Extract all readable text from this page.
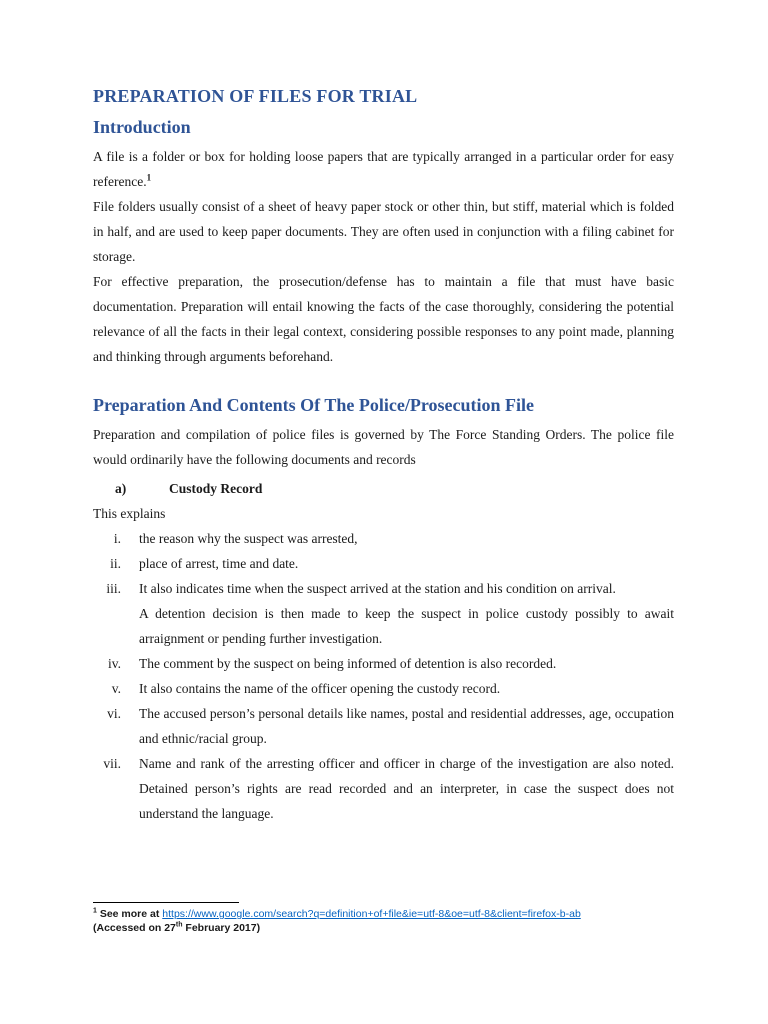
PREPARATION OF FILES FOR TRIAL
Introduction

A file is a folder or box for holding loose papers that are typically arranged in a particular order for easy reference.$^1$

File folders usually consist of a sheet of heavy paper stock or other thin, but stiff, material which is folded in half, and are used to keep paper documents. They are often used in conjunction with a filing cabinet for storage.

For effective preparation, the prosecution/defense has to maintain a file that must have basic documentation. Preparation will entail knowing the facts of the case thoroughly, considering the potential relevance of all the facts in their legal context, considering possible responses to any point made, planning and thinking through arguments beforehand.

Preparation And Contents Of The Police/Prosecution File

Preparation and compilation of police files is governed by The Force Standing Orders. The police file would ordinarily have the following documents and records

a)	Custody Record

This explains

i. the reason why the suspect was arrested,
ii. place of arrest, time and date.
iii. It also indicates time when the suspect arrived at the station and his condition on arrival.
A detention decision is then made to keep the suspect in police custody possibly to await arraignment or pending further investigation.
iv. The comment by the suspect on being informed of detention is also recorded.
v. It also contains the name of the officer opening the custody record.
vi. The accused person’s personal details like names, postal and residential addresses, age, occupation and ethnic/racial group.
vii. Name and rank of the arresting officer and officer in charge of the investigation are also noted. Detained person’s rights are read recorded and an interpreter, in case the suspect does not understand the language.
$^1$ See more at https://www.google.com/search?q=definition+of+file&ie=utf-8&oe=utf-8&client=firefox-b-ab
(Accessed on 27th February 2017)
